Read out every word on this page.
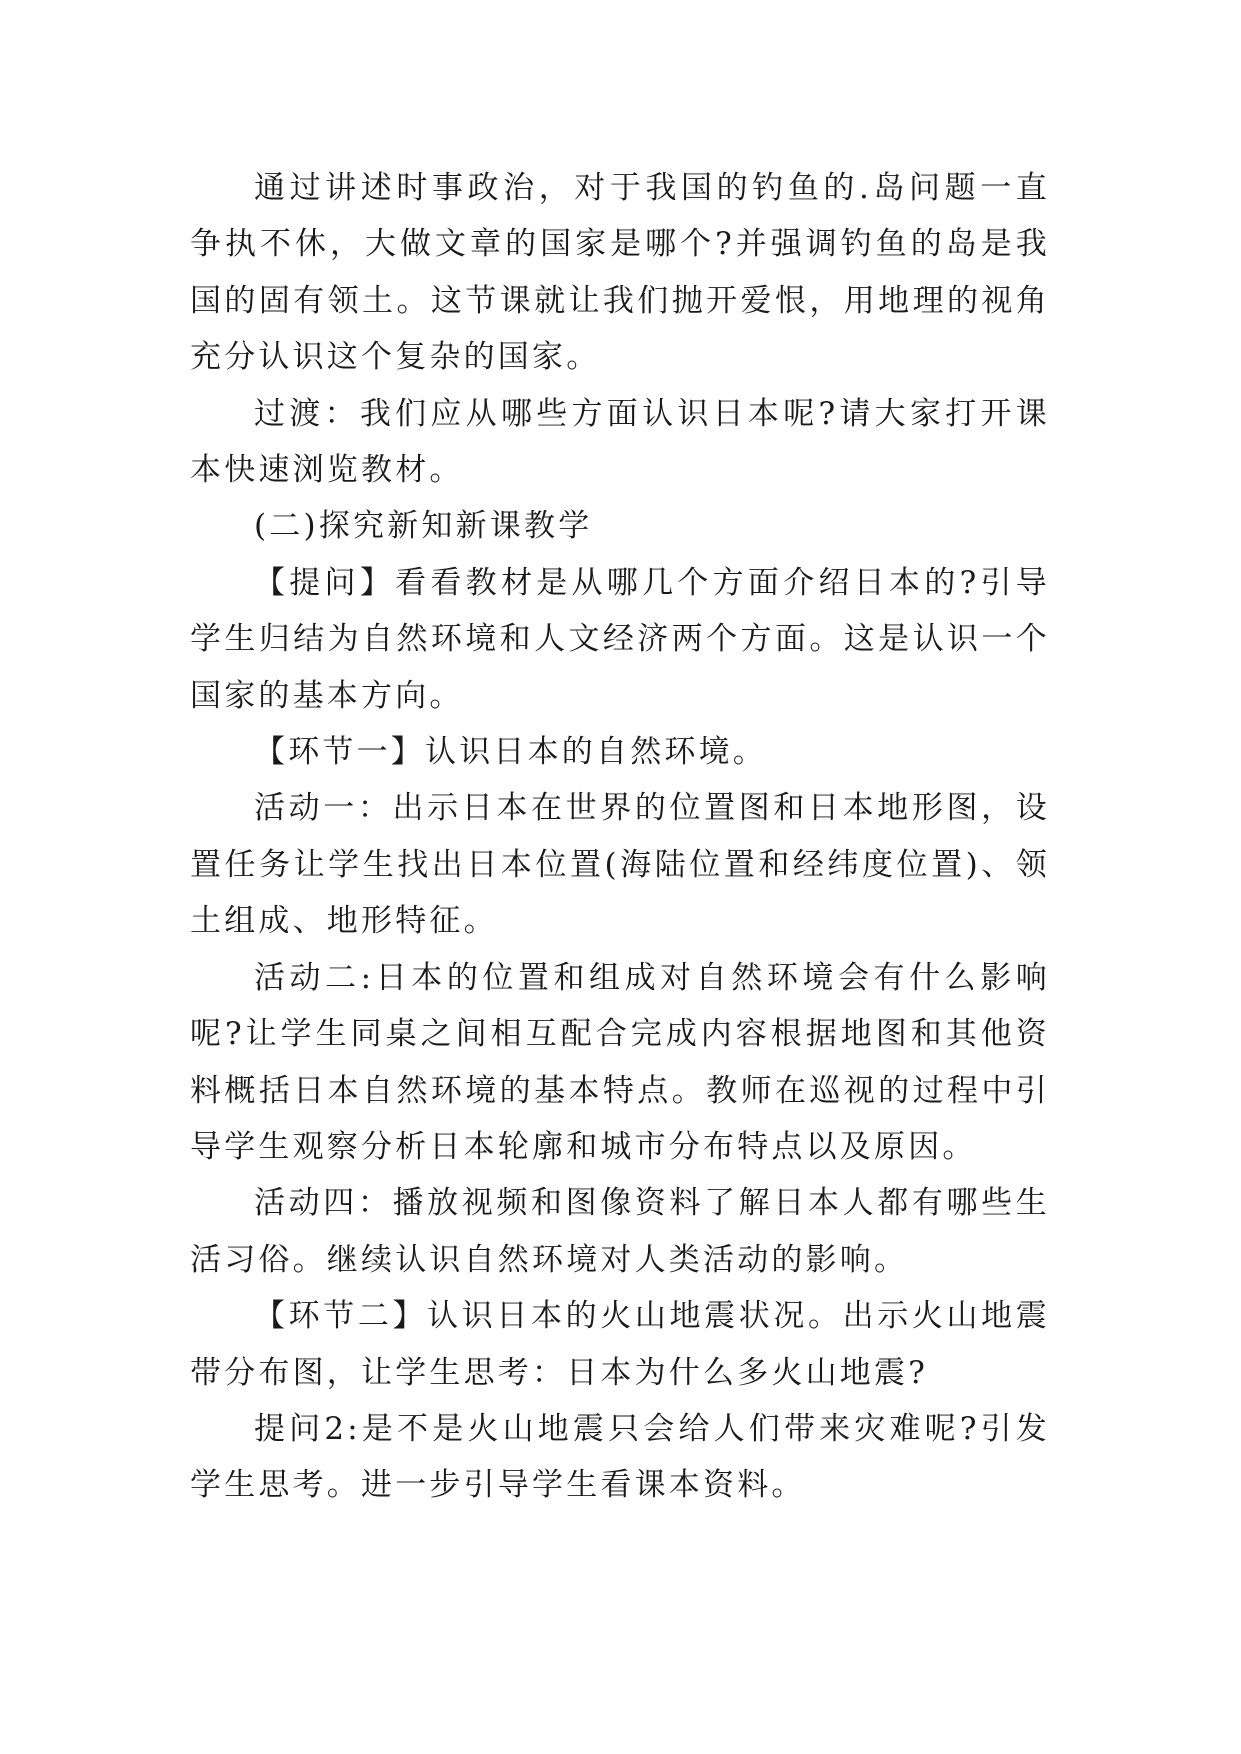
通过讲述时事政治，对于我国的钓鱼的.岛问题一直争执不休，大做文章的国家是哪个?并强调钓鱼的岛是我国的固有领土。这节课就让我们抛开爱恨，用地理的视角充分认识这个复杂的国家。

过渡：我们应从哪些方面认识日本呢?请大家打开课本快速浏览教材。

(二)探究新知新课教学

【提问】看看教材是从哪几个方面介绍日本的?引导学生归结为自然环境和人文经济两个方面。这是认识一个国家的基本方向。

【环节一】认识日本的自然环境。

活动一：出示日本在世界的位置图和日本地形图，设置任务让学生找出日本位置(海陆位置和经纬度位置)、领土组成、地形特征。

活动二:日本的位置和组成对自然环境会有什么影响呢?让学生同桌之间相互配合完成内容根据地图和其他资料概括日本自然环境的基本特点。教师在巡视的过程中引导学生观察分析日本轮廓和城市分布特点以及原因。

活动四：播放视频和图像资料了解日本人都有哪些生活习俗。继续认识自然环境对人类活动的影响。

【环节二】认识日本的火山地震状况。出示火山地震带分布图，让学生思考：日本为什么多火山地震?

提问2:是不是火山地震只会给人们带来灾难呢?引发学生思考。进一步引导学生看课本资料。
